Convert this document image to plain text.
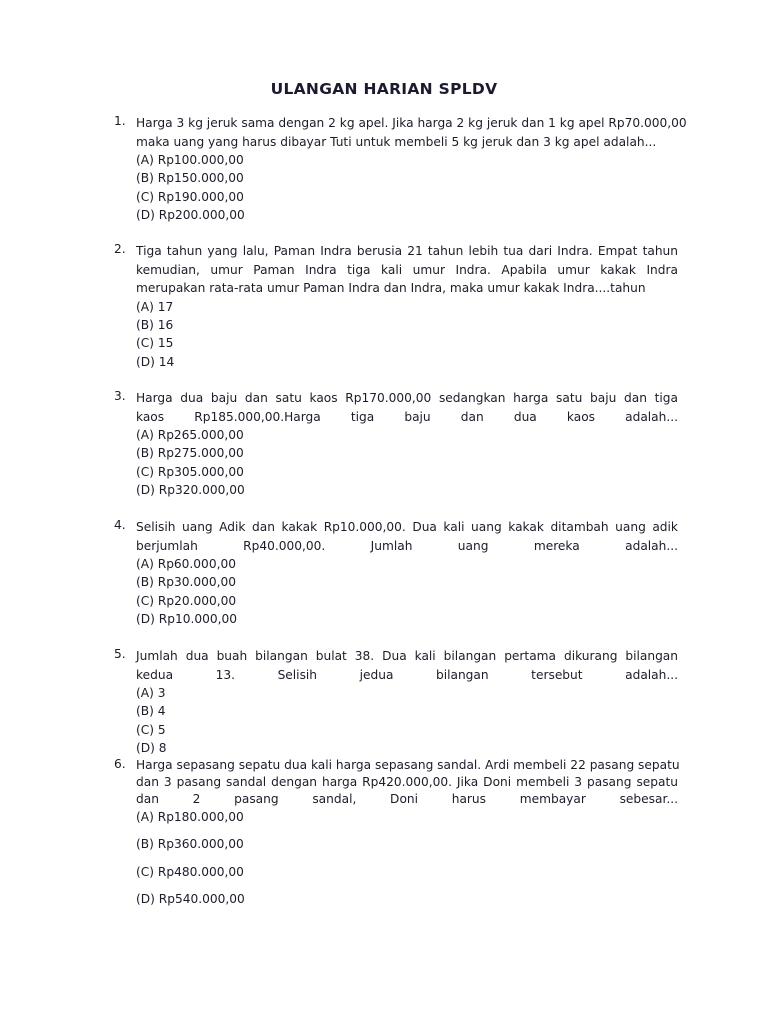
ULANGAN HARIAN SPLDV
1. Harga 3 kg jeruk sama dengan 2 kg apel. Jika harga 2 kg jeruk dan 1 kg apel Rp70.000,00
maka uang yang harus dibayar Tuti untuk membeli 5 kg jeruk dan 3 kg apel adalah...
(A) Rp100.000,00
(B) Rp150.000,00
(C) Rp190.000,00
(D) Rp200.000,00
2. Tiga tahun yang lalu, Paman Indra berusia 21 tahun lebih tua dari Indra. Empat tahun
kemudian, umur Paman Indra tiga kali umur Indra. Apabila umur kakak Indra
merupakan rata-rata umur Paman Indra dan Indra, maka umur kakak Indra....tahun
(A) 17
(B) 16
(C) 15
(D) 14
3. Harga dua baju dan satu kaos Rp170.000,00 sedangkan harga satu baju dan tiga
kaos Rp185.000,00.Harga tiga baju dan dua kaos adalah...
(A) Rp265.000,00
(B) Rp275.000,00
(C) Rp305.000,00
(D) Rp320.000,00
4. Selisih uang Adik dan kakak Rp10.000,00. Dua kali uang kakak ditambah uang adik
berjumlah Rp40.000,00. Jumlah uang mereka adalah...
(A) Rp60.000,00
(B) Rp30.000,00
(C) Rp20.000,00
(D) Rp10.000,00
5. Jumlah dua buah bilangan bulat 38. Dua kali bilangan pertama dikurang bilangan
kedua 13. Selisih jedua bilangan tersebut adalah...
(A) 3
(B) 4
(C) 5
(D) 8
6. Harga sepasang sepatu dua kali harga sepasang sandal. Ardi membeli 22 pasang sepatu
dan 3 pasang sandal dengan harga Rp420.000,00. Jika Doni membeli 3 pasang sepatu
dan 2 pasang sandal, Doni harus membayar sebesar...
(A) Rp180.000,00
(B) Rp360.000,00
(C) Rp480.000,00
(D) Rp540.000,00
